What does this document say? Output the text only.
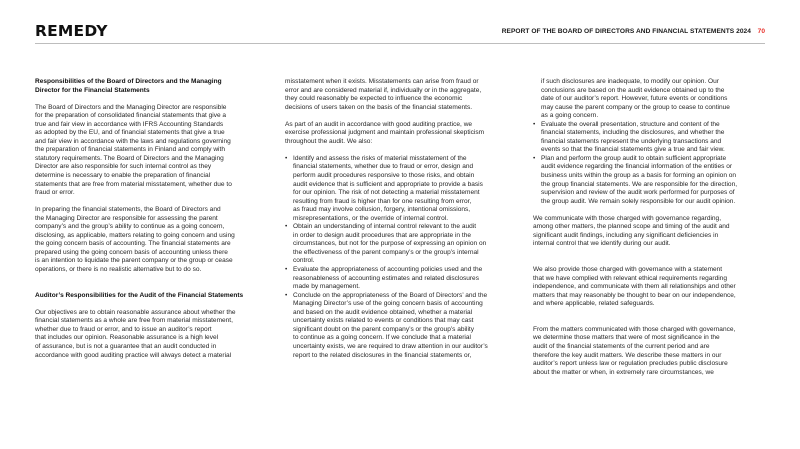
REMEDY	REPORT OF THE BOARD OF DIRECTORS AND FINANCIAL STATEMENTS 2024 70
Responsibilities of the Board of Directors and the Managing
Director for the Financial Statements
The Board of Directors and the Managing Director are responsible
for the preparation of consolidated financial statements that give a
true and fair view in accordance with IFRS Accounting Standards
as adopted by the EU, and of financial statements that give a true
and fair view in accordance with the laws and regulations governing
the preparation of financial statements in Finland and comply with
statutory requirements. The Board of Directors and the Managing
Director are also responsible for such internal control as they
determine is necessary to enable the preparation of financial
statements that are free from material misstatement, whether due to
fraud or error.
In preparing the financial statements, the Board of Directors and
the Managing Director are responsible for assessing the parent
company’s and the group’s ability to continue as a going concern,
disclosing, as applicable, matters relating to going concern and using
the going concern basis of accounting. The financial statements are
prepared using the going concern basis of accounting unless there
is an intention to liquidate the parent company or the group or cease
operations, or there is no realistic alternative but to do so.
Auditor’s Responsibilities for the Audit of the Financial Statements
Our objectives are to obtain reasonable assurance about whether the
financial statements as a whole are free from material misstatement,
whether due to fraud or error, and to issue an auditor’s report
that includes our opinion. Reasonable assurance is a high level
of assurance, but is not a guarantee that an audit conducted in
accordance with good auditing practice will always detect a material
misstatement when it exists. Misstatements can arise from fraud or
error and are considered material if, individually or in the aggregate,
they could reasonably be expected to influence the economic
decisions of users taken on the basis of the financial statements.
As part of an audit in accordance with good auditing practice, we
exercise professional judgment and maintain professional skepticism
throughout the audit. We also:
• Identify and assess the risks of material misstatement of the
financial statements, whether due to fraud or error, design and
perform audit procedures responsive to those risks, and obtain
audit evidence that is sufficient and appropriate to provide a basis
for our opinion. The risk of not detecting a material misstatement
resulting from fraud is higher than for one resulting from error,
as fraud may involve collusion, forgery, intentional omissions,
misrepresentations, or the override of internal control.
• Obtain an understanding of internal control relevant to the audit
in order to design audit procedures that are appropriate in the
circumstances, but not for the purpose of expressing an opinion on
the effectiveness of the parent company’s or the group’s internal
control.
• Evaluate the appropriateness of accounting policies used and the
reasonableness of accounting estimates and related disclosures
made by management.
• Conclude on the appropriateness of the Board of Directors’ and the
Managing Director’s use of the going concern basis of accounting
and based on the audit evidence obtained, whether a material
uncertainty exists related to events or conditions that may cast
significant doubt on the parent company’s or the group’s ability
to continue as a going concern. If we conclude that a material
uncertainty exists, we are required to draw attention in our auditor’s
report to the related disclosures in the financial statements or,
if such disclosures are inadequate, to modify our opinion. Our
conclusions are based on the audit evidence obtained up to the
date of our auditor’s report. However, future events or conditions
may cause the parent company or the group to cease to continue
as a going concern.
• Evaluate the overall presentation, structure and content of the
financial statements, including the disclosures, and whether the
financial statements represent the underlying transactions and
events so that the financial statements give a true and fair view.
• Plan and perform the group audit to obtain sufficient appropriate
audit evidence regarding the financial information of the entities or
business units within the group as a basis for forming an opinion on
the group financial statements. We are responsible for the direction,
supervision and review of the audit work performed for purposes of
the group audit. We remain solely responsible for our audit opinion.
We communicate with those charged with governance regarding,
among other matters, the planned scope and timing of the audit and
significant audit findings, including any significant deficiencies in
internal control that we identify during our audit.
We also provide those charged with governance with a statement
that we have complied with relevant ethical requirements regarding
independence, and communicate with them all relationships and other
matters that may reasonably be thought to bear on our independence,
and where applicable, related safeguards.
From the matters communicated with those charged with governance,
we determine those matters that were of most significance in the
audit of the financial statements of the current period and are
therefore the key audit matters. We describe these matters in our
auditor’s report unless law or regulation precludes public disclosure
about the matter or when, in extremely rare circumstances, we
